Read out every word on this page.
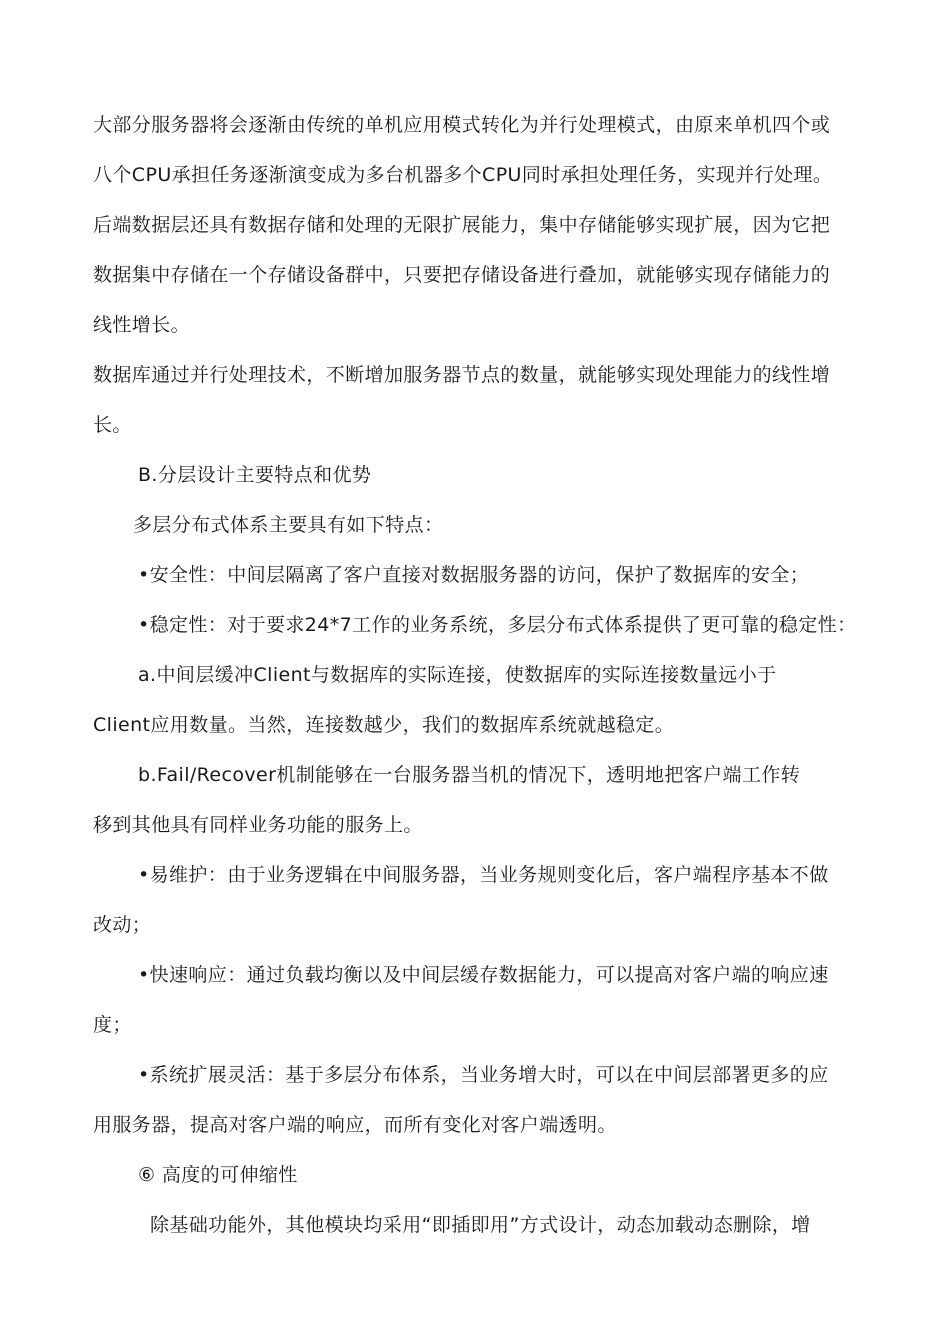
大部分服务器将会逐渐由传统的单机应用模式转化为并行处理模式，由原来单机四个或
八个CPU承担任务逐渐演变成为多台机器多个CPU同时承担处理任务，实现并行处理。
后端数据层还具有数据存储和处理的无限扩展能力，集中存储能够实现扩展，因为它把
数据集中存储在一个存储设备群中，只要把存储设备进行叠加，就能够实现存储能力的
线性增长。
数据库通过并行处理技术，不断增加服务器节点的数量，就能够实现处理能力的线性增
长。
B.分层设计主要特点和优势
多层分布式体系主要具有如下特点：
•安全性：中间层隔离了客户直接对数据服务器的访问，保护了数据库的安全；
•稳定性：对于要求24*7工作的业务系统，多层分布式体系提供了更可靠的稳定性：
a.中间层缓冲Client与数据库的实际连接，使数据库的实际连接数量远小于
Client应用数量。当然，连接数越少，我们的数据库系统就越稳定。
b.Fail/Recover机制能够在一台服务器当机的情况下，透明地把客户端工作转
移到其他具有同样业务功能的服务上。
•易维护：由于业务逻辑在中间服务器，当业务规则变化后，客户端程序基本不做
改动；
•快速响应：通过负载均衡以及中间层缓存数据能力，可以提高对客户端的响应速
度；
•系统扩展灵活：基于多层分布体系，当业务增大时，可以在中间层部署更多的应
用服务器，提高对客户端的响应，而所有变化对客户端透明。
⑥ 高度的可伸缩性
除基础功能外，其他模块均采用“即插即用”方式设计，动态加载动态删除，增
